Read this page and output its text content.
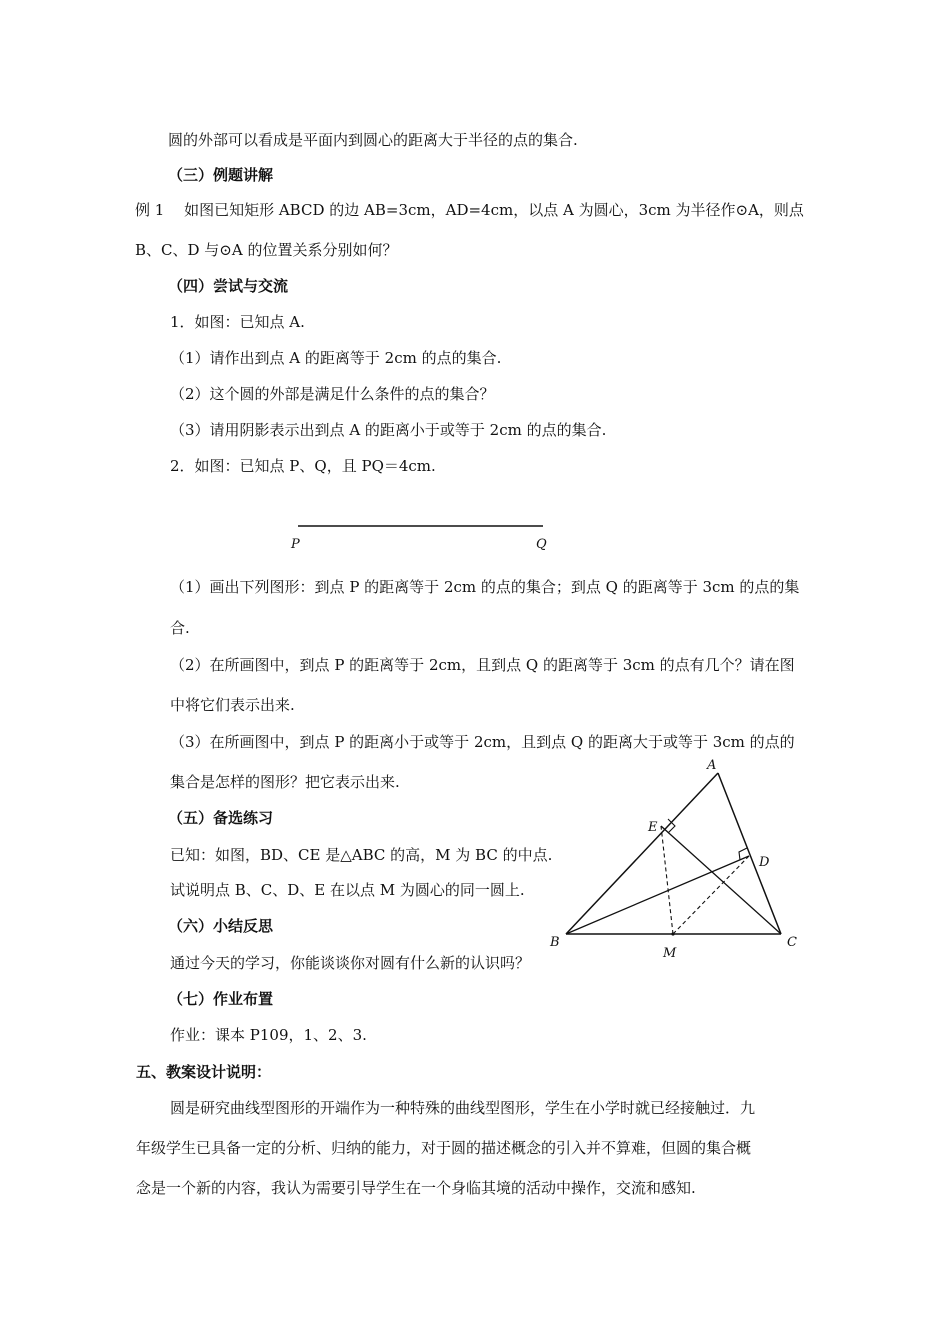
圆的外部可以看成是平面内到圆心的距离大于半径的点的集合.
（三）例题讲解
例 1　 如图已知矩形 ABCD 的边 AB=3cm，AD=4cm，以点 A 为圆心，3cm 为半径作⊙A，则点
B、C、D 与⊙A 的位置关系分别如何？
（四）尝试与交流
1．如图：已知点 A.
（1）请作出到点 A 的距离等于 2cm 的点的集合.
（2）这个圆的外部是满足什么条件的点的集合？
（3）请用阴影表示出到点 A 的距离小于或等于 2cm 的点的集合.
2．如图：已知点 P、Q，且 PQ＝4cm.
P	Q
（1）画出下列图形：到点 P 的距离等于 2cm 的点的集合；到点 Q 的距离等于 3cm 的点的集
合.
（2）在所画图中，到点 P 的距离等于 2cm，且到点 Q 的距离等于 3cm 的点有几个？请在图
中将它们表示出来.
（3）在所画图中，到点 P 的距离小于或等于 2cm，且到点 Q 的距离大于或等于 3cm 的点的
集合是怎样的图形？把它表示出来.
（五）备选练习
已知：如图，BD、CE 是△ABC 的高，M 为 BC 的中点.
试说明点 B、C、D、E 在以点 M 为圆心的同一圆上.
（六）小结反思
通过今天的学习，你能谈谈你对圆有什么新的认识吗？
（七）作业布置
作业：课本 P109，1、2、3.
五、教案设计说明：
圆是研究曲线型图形的开端作为一种特殊的曲线型图形，学生在小学时就已经接触过．九
年级学生已具备一定的分析、归纳的能力，对于圆的描述概念的引入并不算难，但圆的集合概
念是一个新的内容，我认为需要引导学生在一个身临其境的活动中操作，交流和感知.
A
E
D
B	C
M
